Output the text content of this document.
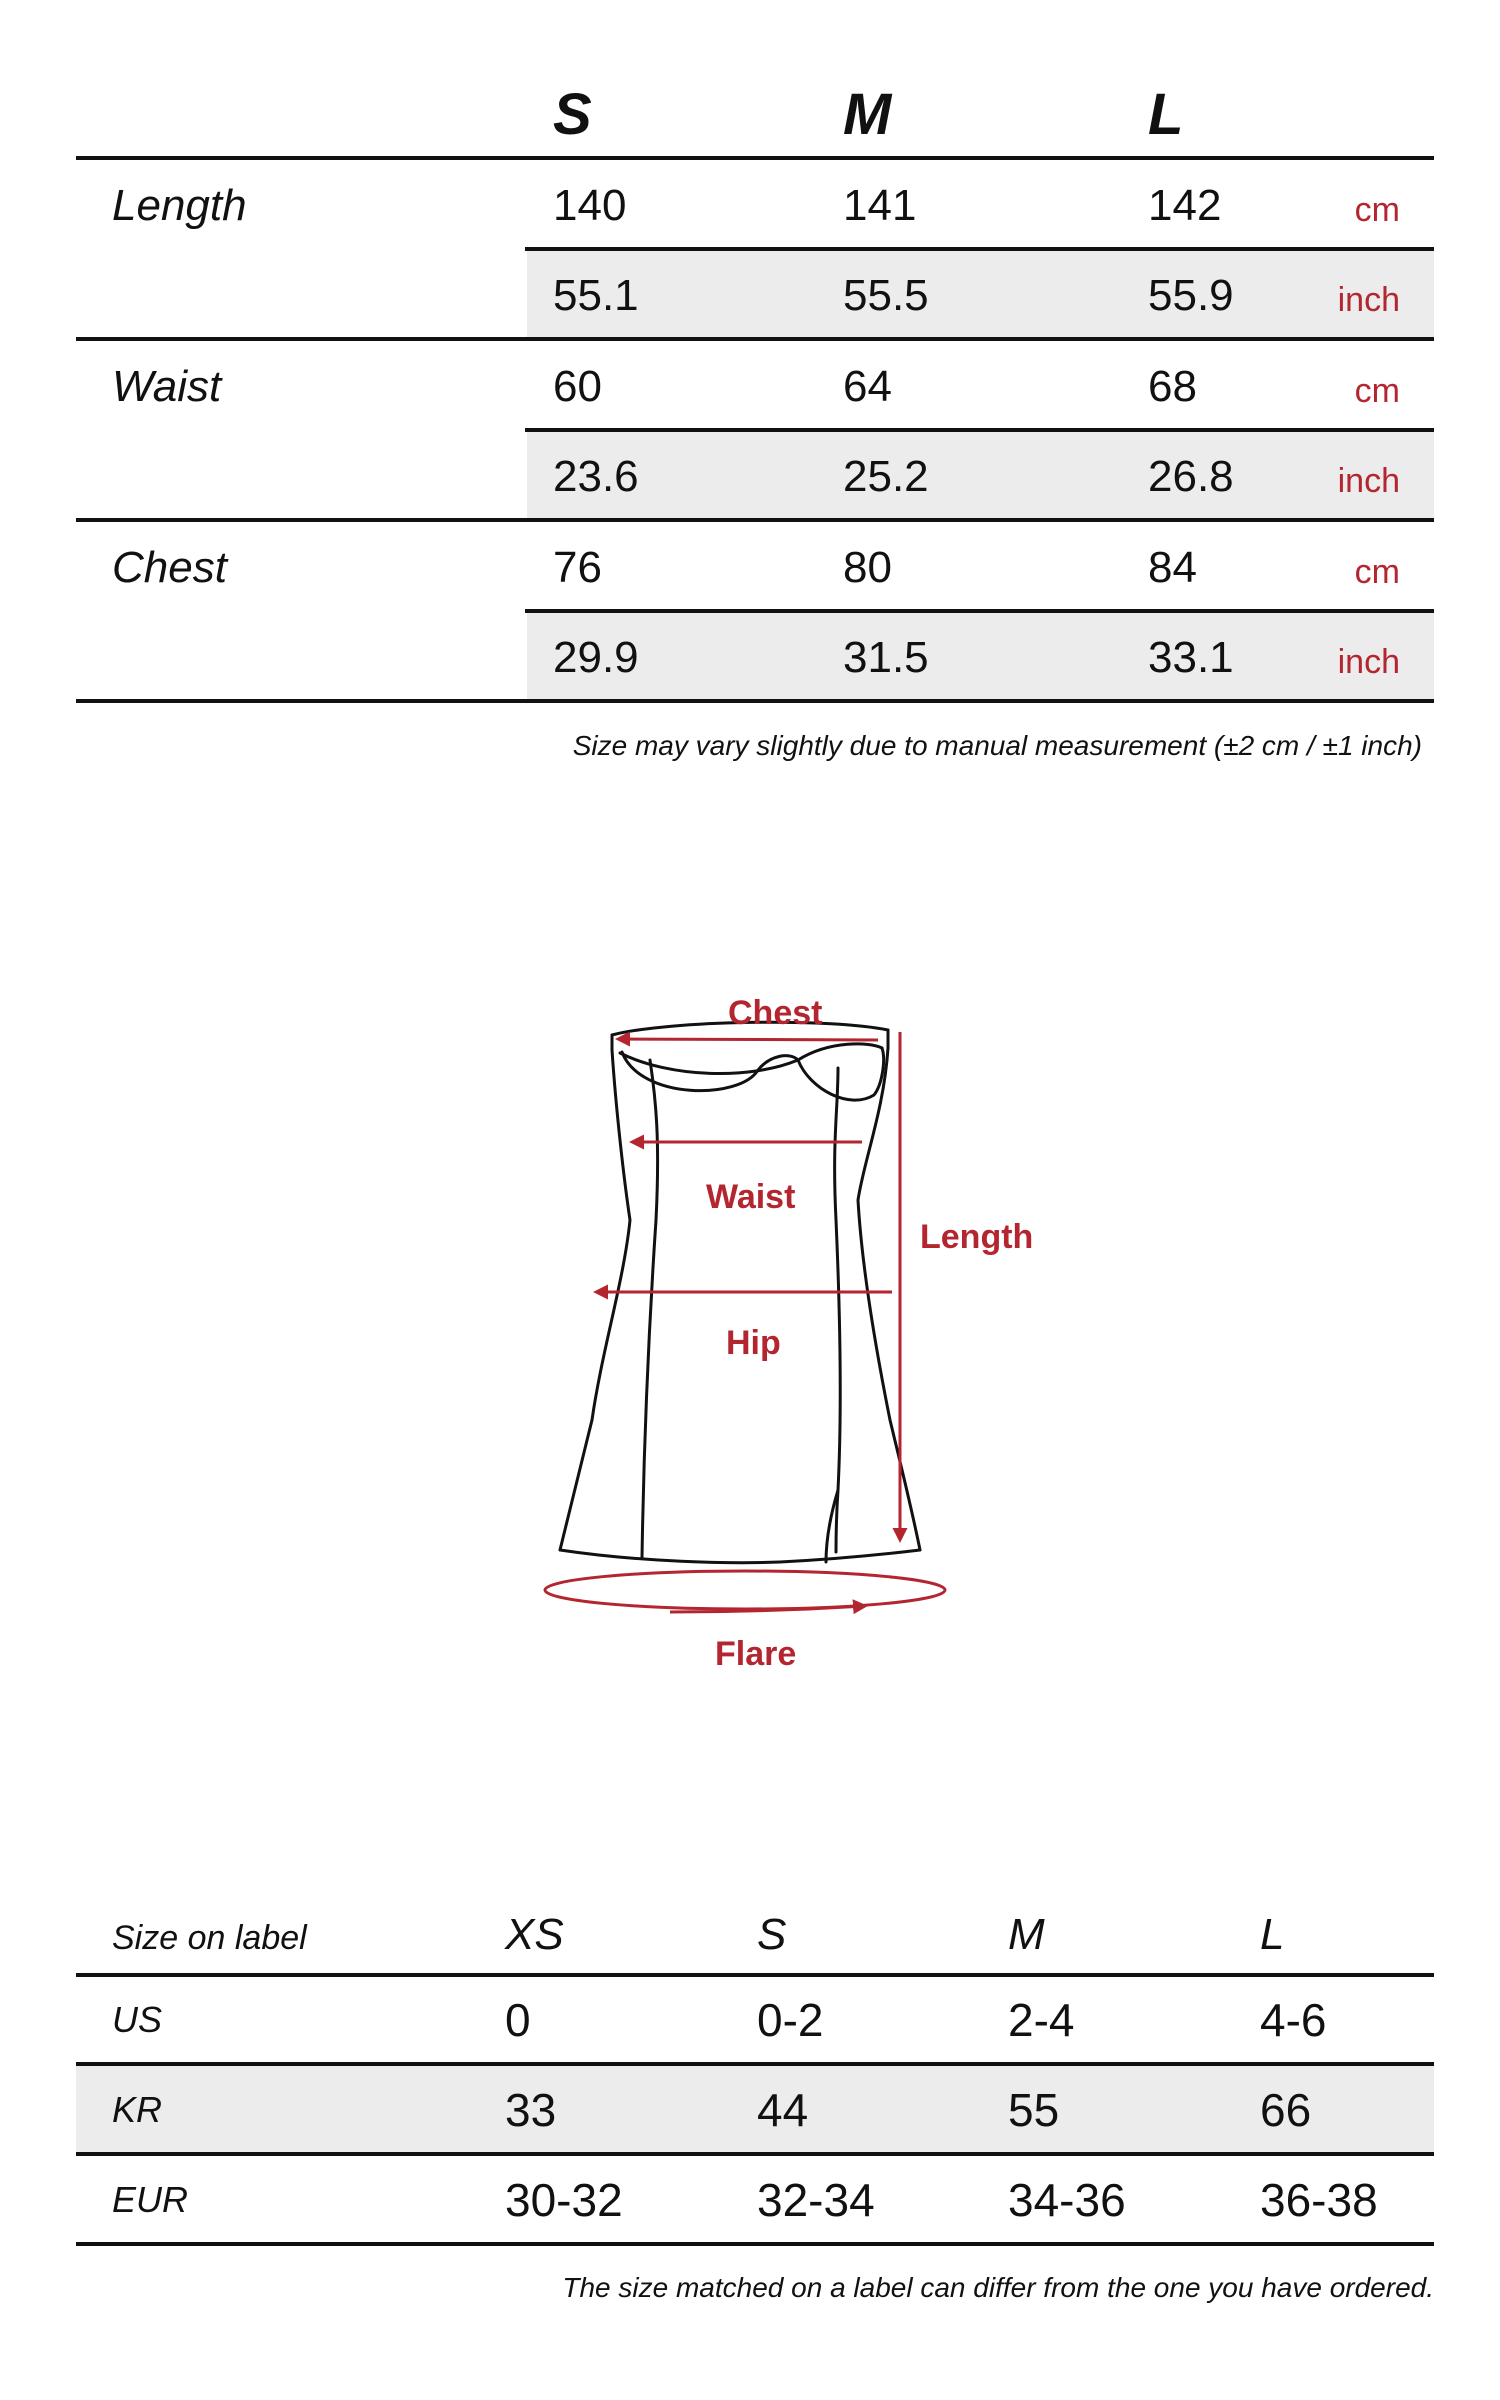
S	M	L
Length	140	141	142	cm
55.1	55.5	55.9	inch
Waist	60	64	68	cm
23.6	25.2	26.8	inch
Chest	76	80	84	cm
29.9	31.5	33.1	inch
Size may vary slightly due to manual measurement (±2 cm / ±1 inch)
Chest
Waist
Length
Hip
Flare
Size on label	XS	S	M	L
US	0	0-2	2-4	4-6
KR	33	44	55	66
EUR	30-32	32-34	34-36	36-38
The size matched on a label can differ from the one you have ordered.
